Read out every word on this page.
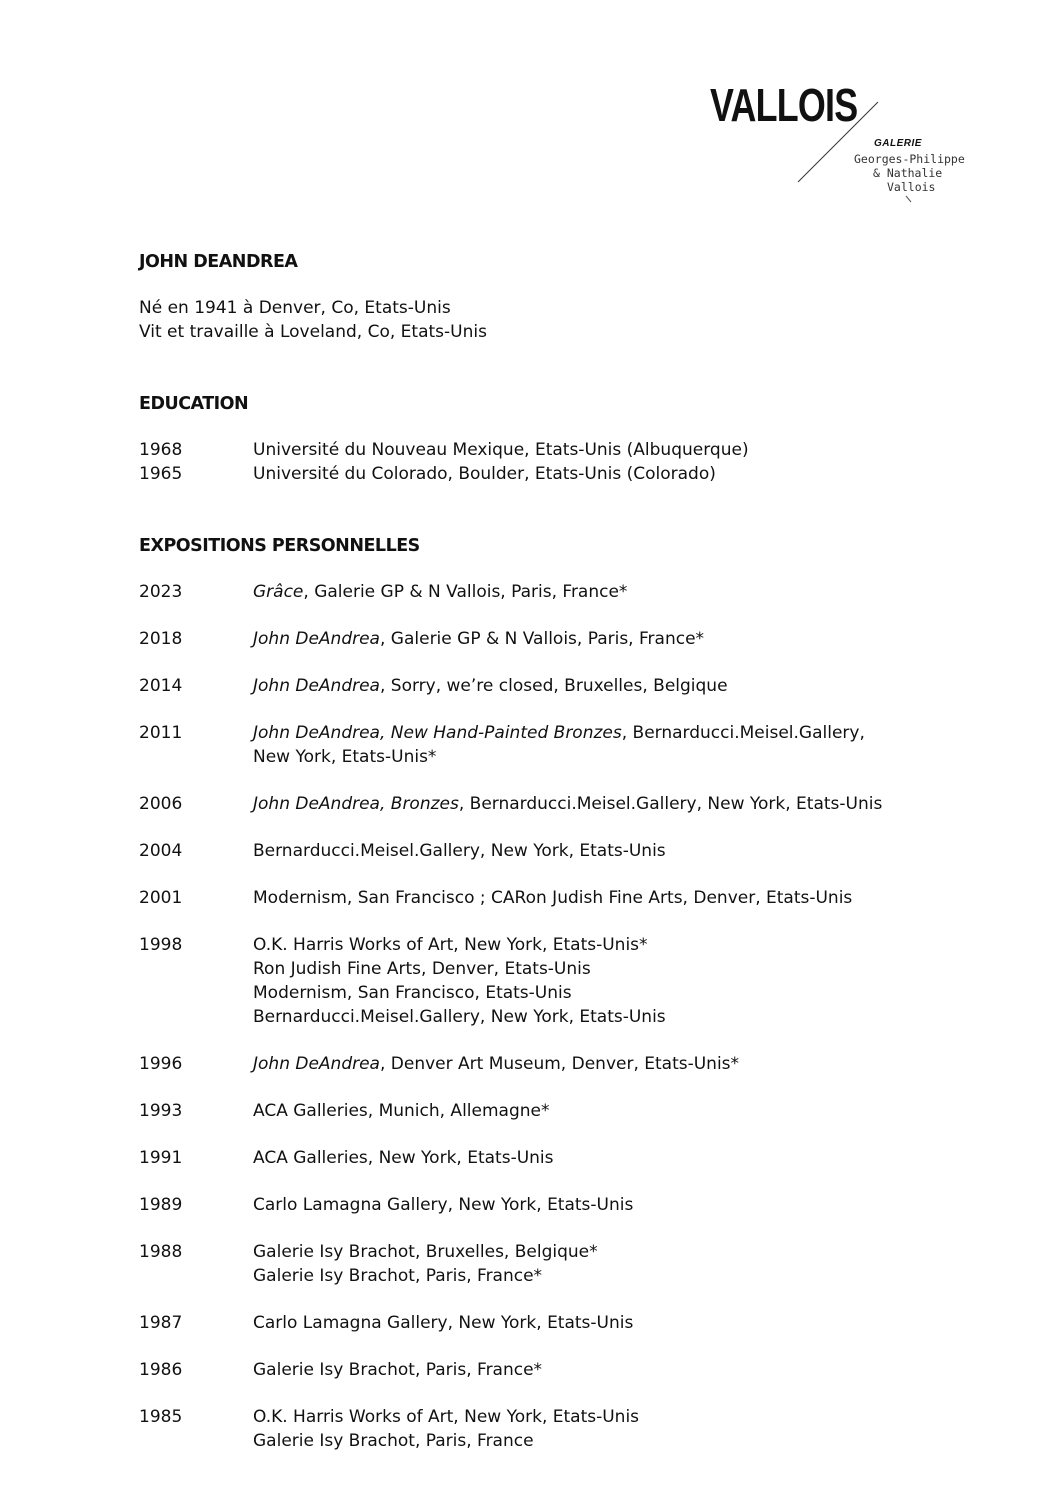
VALLOIS
GALERIE
Georges-Philippe
& Nathalie
Vallois
JOHN DEANDREA
Né en 1941 à Denver, Co, Etats-Unis
Vit et travaille à Loveland, Co, Etats-Unis
EDUCATION
1968	Université du Nouveau Mexique, Etats-Unis (Albuquerque)
1965	Université du Colorado, Boulder, Etats-Unis (Colorado)
EXPOSITIONS PERSONNELLES
2023	Grâce, Galerie GP & N Vallois, Paris, France*
2018	John DeAndrea, Galerie GP & N Vallois, Paris, France*
2014	John DeAndrea, Sorry, we’re closed, Bruxelles, Belgique
2011	John DeAndrea, New Hand-Painted Bronzes, Bernarducci.Meisel.Gallery,
New York, Etats-Unis*
2006	John DeAndrea, Bronzes, Bernarducci.Meisel.Gallery, New York, Etats-Unis
2004	Bernarducci.Meisel.Gallery, New York, Etats-Unis
2001	Modernism, San Francisco ; CARon Judish Fine Arts, Denver, Etats-Unis
1998	O.K. Harris Works of Art, New York, Etats-Unis*
Ron Judish Fine Arts, Denver, Etats-Unis
Modernism, San Francisco, Etats-Unis
Bernarducci.Meisel.Gallery, New York, Etats-Unis
1996	John DeAndrea, Denver Art Museum, Denver, Etats-Unis*
1993	ACA Galleries, Munich, Allemagne*
1991	ACA Galleries, New York, Etats-Unis
1989	Carlo Lamagna Gallery, New York, Etats-Unis
1988	Galerie Isy Brachot, Bruxelles, Belgique*
Galerie Isy Brachot, Paris, France*
1987	Carlo Lamagna Gallery, New York, Etats-Unis
1986	Galerie Isy Brachot, Paris, France*
1985	O.K. Harris Works of Art, New York, Etats-Unis
Galerie Isy Brachot, Paris, France
